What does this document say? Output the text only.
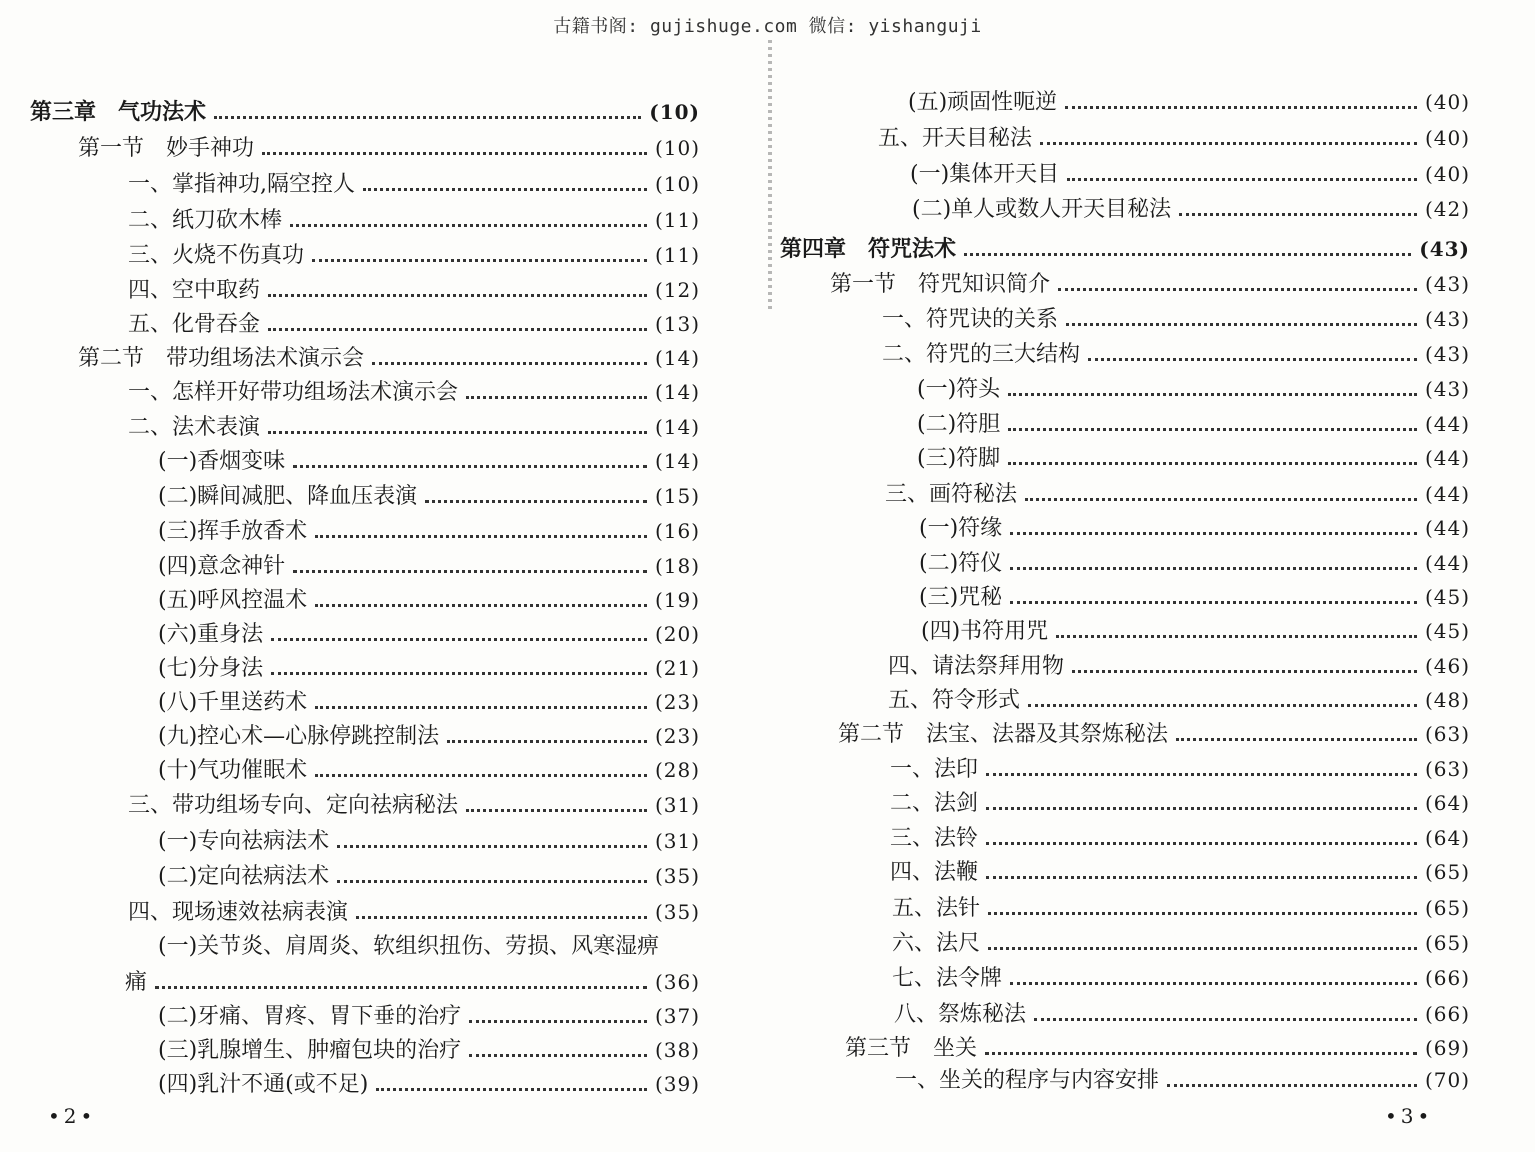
古籍书阁: gujishuge.com 微信: yishanguji
第三章　气功法术	(10)
第一节　妙手神功	(10)
一、掌指神功,隔空控人	(10)
二、纸刀砍木棒	(11)
三、火烧不伤真功	(11)
四、空中取药	(12)
五、化骨吞金	(13)
第二节　带功组场法术演示会	(14)
一、怎样开好带功组场法术演示会	(14)
二、法术表演	(14)
(一)香烟变味	(14)
(二)瞬间减肥、降血压表演	(15)
(三)挥手放香术	(16)
(四)意念神针	(18)
(五)呼风控温术	(19)
(六)重身法	(20)
(七)分身法	(21)
(八)千里送药术	(23)
(九)控心术—心脉停跳控制法	(23)
(十)气功催眠术	(28)
三、带功组场专向、定向祛病秘法	(31)
(一)专向祛病法术	(31)
(二)定向祛病法术	(35)
四、现场速效祛病表演	(35)
(一)关节炎、肩周炎、软组织扭伤、劳损、风寒湿痹
痛	(36)
(二)牙痛、胃疼、胃下垂的治疗	(37)
(三)乳腺增生、肿瘤包块的治疗	(38)
(四)乳汁不通(或不足)	(39)
•2•
(五)顽固性呃逆	(40)
五、开天目秘法	(40)
(一)集体开天目	(40)
(二)单人或数人开天目秘法	(42)
第四章　符咒法术	(43)
第一节　符咒知识简介	(43)
一、符咒诀的关系	(43)
二、符咒的三大结构	(43)
(一)符头	(43)
(二)符胆	(44)
(三)符脚	(44)
三、画符秘法	(44)
(一)符缘	(44)
(二)符仪	(44)
(三)咒秘	(45)
(四)书符用咒	(45)
四、请法祭拜用物	(46)
五、符令形式	(48)
第二节　法宝、法器及其祭炼秘法	(63)
一、法印	(63)
二、法剑	(64)
三、法铃	(64)
四、法鞭	(65)
五、法针	(65)
六、法尺	(65)
七、法令牌	(66)
八、祭炼秘法	(66)
第三节　坐关	(69)
一、坐关的程序与内容安排	(70)
•3•
